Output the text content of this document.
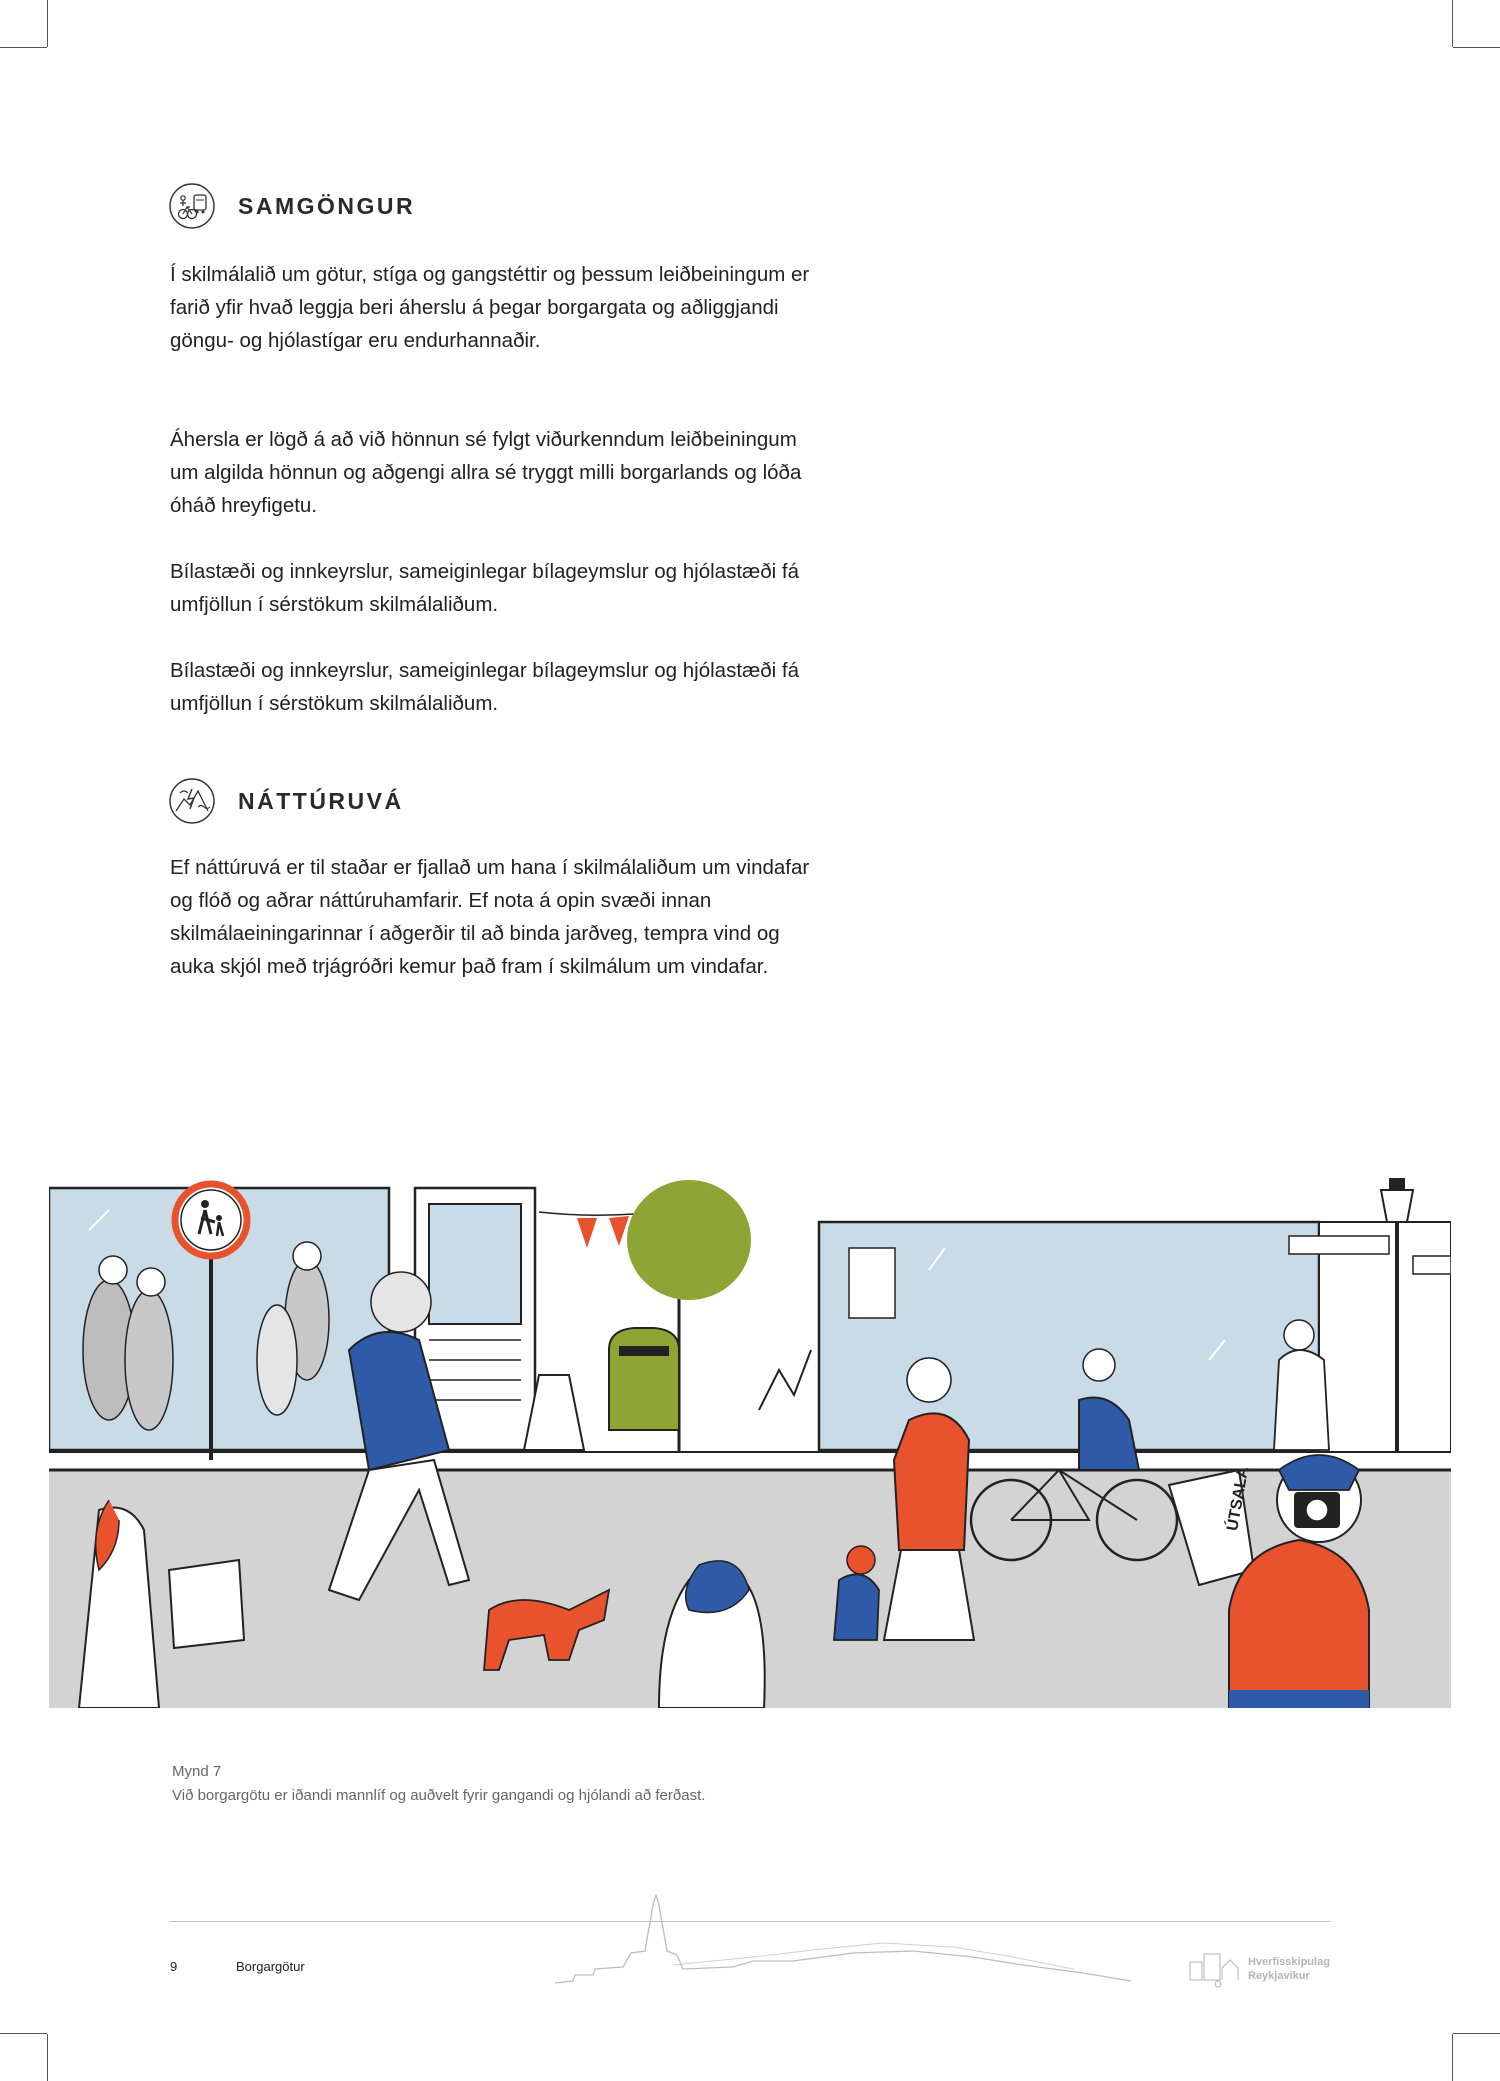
SAMGÖNGUR

Í skilmálalið um götur, stíga og gangstéttir og þessum leiðbeiningum er farið yfir hvað leggja beri áherslu á þegar borgargata og aðliggjandi göngu- og hjólastígar eru endurhannaðir.

Áhersla er lögð á að við hönnun sé fylgt viðurkenndum leiðbeiningum um algilda hönnun og aðgengi allra sé tryggt milli borgarlands og lóða óháð hreyfigetu.

Bílastæði og innkeyrslur, sameiginlegar bílageymslur og hjólastæði fá umfjöllun í sérstökum skilmálaliðum.

Bílastæði og innkeyrslur, sameiginlegar bílageymslur og hjólastæði fá umfjöllun í sérstökum skilmálaliðum.

NÁTTÚRUVÁ

Ef náttúruvá er til staðar er fjallað um hana í skilmálaliðum um vindafar og flóð og aðrar náttúruhamfarir. Ef nota á opin svæði innan skilmálaeiningarinnar í aðgerðir til að binda jarðveg, tempra vind og auka skjól með trjágróðri kemur það fram í skilmálum um vindafar.

ÚTSALA
Mynd 7
Við borgargötu er iðandi mannlíf og auðvelt fyrir gangandi og hjólandi að ferðast.
9	Borgargötur	Hverfisskipulag
Reykjavíkur
